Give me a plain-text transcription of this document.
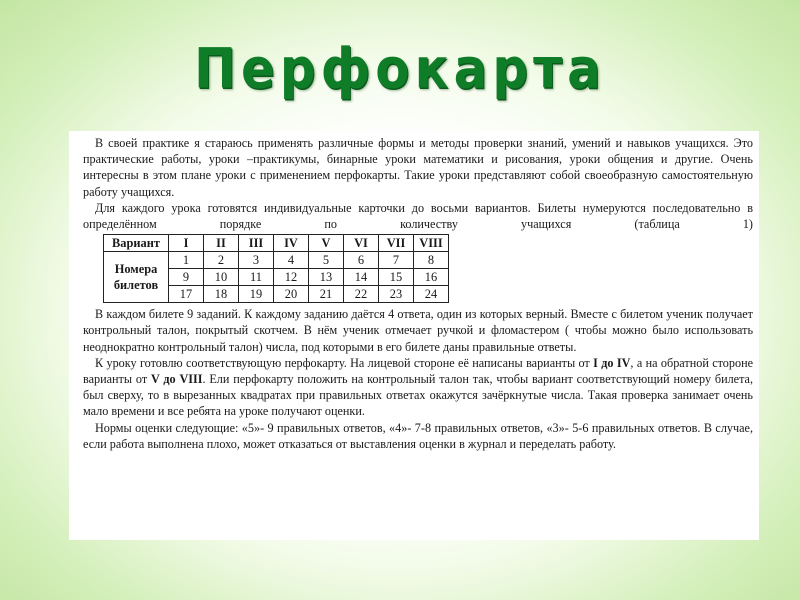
Перфокарта

В своей практике я стараюсь применять различные формы и методы проверки знаний, умений и навыков учащихся. Это практические работы, уроки –практикумы, бинарные уроки математики и рисования, уроки общения и другие. Очень интересны в этом плане уроки с применением перфокарты. Такие уроки представляют собой своеобразную самостоятельную работу учащихся.

Для каждого урока готовятся индивидуальные карточки до восьми вариантов. Билеты нумеруются последовательно в определённом порядке по количеству учащихся (таблица 1)

Вариант	I	II	III	IV	V	VI	VII	VIII
Номера билетов	1	2	3	4	5	6	7	8
	9	10	11	12	13	14	15	16
	17	18	19	20	21	22	23	24

В каждом билете 9 заданий. К каждому заданию даётся 4 ответа, один из которых верный. Вместе с билетом ученик получает контрольный талон, покрытый скотчем. В нём ученик отмечает ручкой и фломастером ( чтобы можно было использовать неоднократно контрольный талон) числа, под которыми в его билете даны правильные ответы.

К уроку готовлю соответствующую перфокарту. На лицевой стороне её написаны варианты от I до IV, а на обратной стороне варианты от V до VIII. Ели перфокарту положить на контрольный талон так, чтобы вариант соответствующий номеру билета, был сверху, то в вырезанных квадратах при правильных ответах окажутся зачёркнутые числа. Такая проверка занимает очень мало времени и все ребята на уроке получают оценки.

Нормы оценки следующие: «5»- 9 правильных ответов, «4»- 7-8 правильных ответов, «3»- 5-6 правильных ответов. В случае, если работа выполнена плохо, может отказаться от выставления оценки в журнал и переделать работу.
